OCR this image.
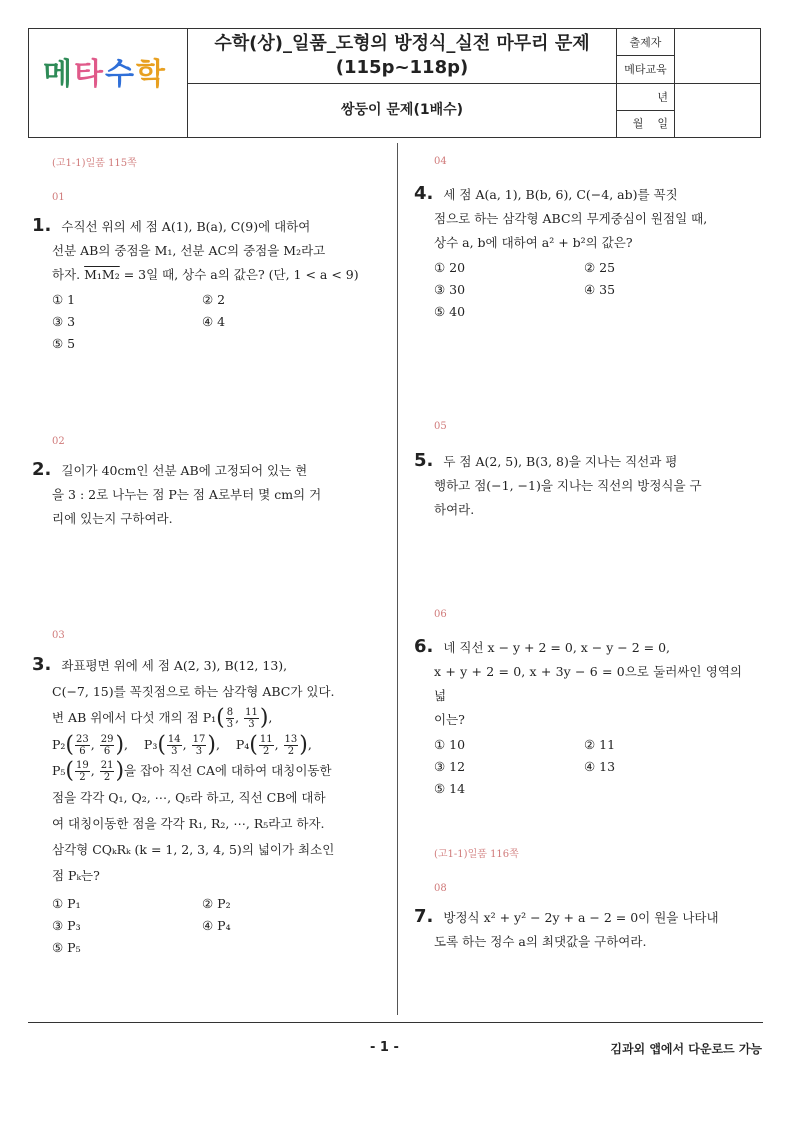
메타수학
수학(상)_일품_도형의 방정식_실전 마무리 문제
(115p~118p)
쌍둥이 문제(1배수)
출제자
메타교육
년
월    일
(고1-1)일품 115쪽
01
1. 수직선 위의 세 점 A(1), B(a), C(9)에 대하여
선분 AB의 중점을 M₁, 선분 AC의 중점을 M₂라고
하자. M₁M₂ = 3일 때, 상수 a의 값은? (단, 1 < a < 9)
① 1	② 2
③ 3	④ 4
⑤ 5
02
2. 길이가 40cm인 선분 AB에 고정되어 있는 현
을 3 : 2로 나누는 점 P는 점 A로부터 몇 cm의 거
리에 있는지 구하여라.
03
3. 좌표평면 위에 세 점 A(2, 3), B(12, 13),
C(−7, 15)를 꼭짓점으로 하는 삼각형 ABC가 있다.
변 AB 위에서 다섯 개의 점 $P_1( \frac{8}{3}$ , $\frac{11}{3}$ ),
$P_2( \frac{23}{6}$ , $\frac{29}{6}$ ),    $P_3( \frac{14}{3}$ , $\frac{17}{3}$ ),    $P_4( \frac{11}{2}$ , $\frac{13}{2}$ ),
$P_5( \frac{19}{2}$ , $\frac{21}{2}$ )을 잡아 직선 CA에 대하여 대칭이동한
점을 각각 Q₁, Q₂, ⋯, Q₅라 하고, 직선 CB에 대하
여 대칭이동한 점을 각각 R₁, R₂, ⋯, R₅라고 하자.
삼각형 CQₖRₖ (k = 1, 2, 3, 4, 5)의 넓이가 최소인
점 Pₖ는?
① P₁	② P₂
③ P₃	④ P₄
⑤ P₅
04
4. 세 점 A(a, 1), B(b, 6), C(−4, ab)를 꼭짓
점으로 하는 삼각형 ABC의 무게중심이 원점일 때,
상수 a, b에 대하여 a² + b²의 값은?
① 20	② 25
③ 30	④ 35
⑤ 40
05
5. 두 점 A(2, 5), B(3, 8)을 지나는 직선과 평
행하고 점(−1, −1)을 지나는 직선의 방정식을 구
하여라.
06
6. 네 직선 x − y + 2 = 0, x − y − 2 = 0,
x + y + 2 = 0, x + 3y − 6 = 0으로 둘러싸인 영역의 넓
이는?
① 10	② 11
③ 12	④ 13
⑤ 14
(고1-1)일품 116쪽
08
7. 방정식 x² + y² − 2y + a − 2 = 0이 원을 나타내
도록 하는 정수 a의 최댓값을 구하여라.
- 1 -	김과외 앱에서 다운로드 가능
